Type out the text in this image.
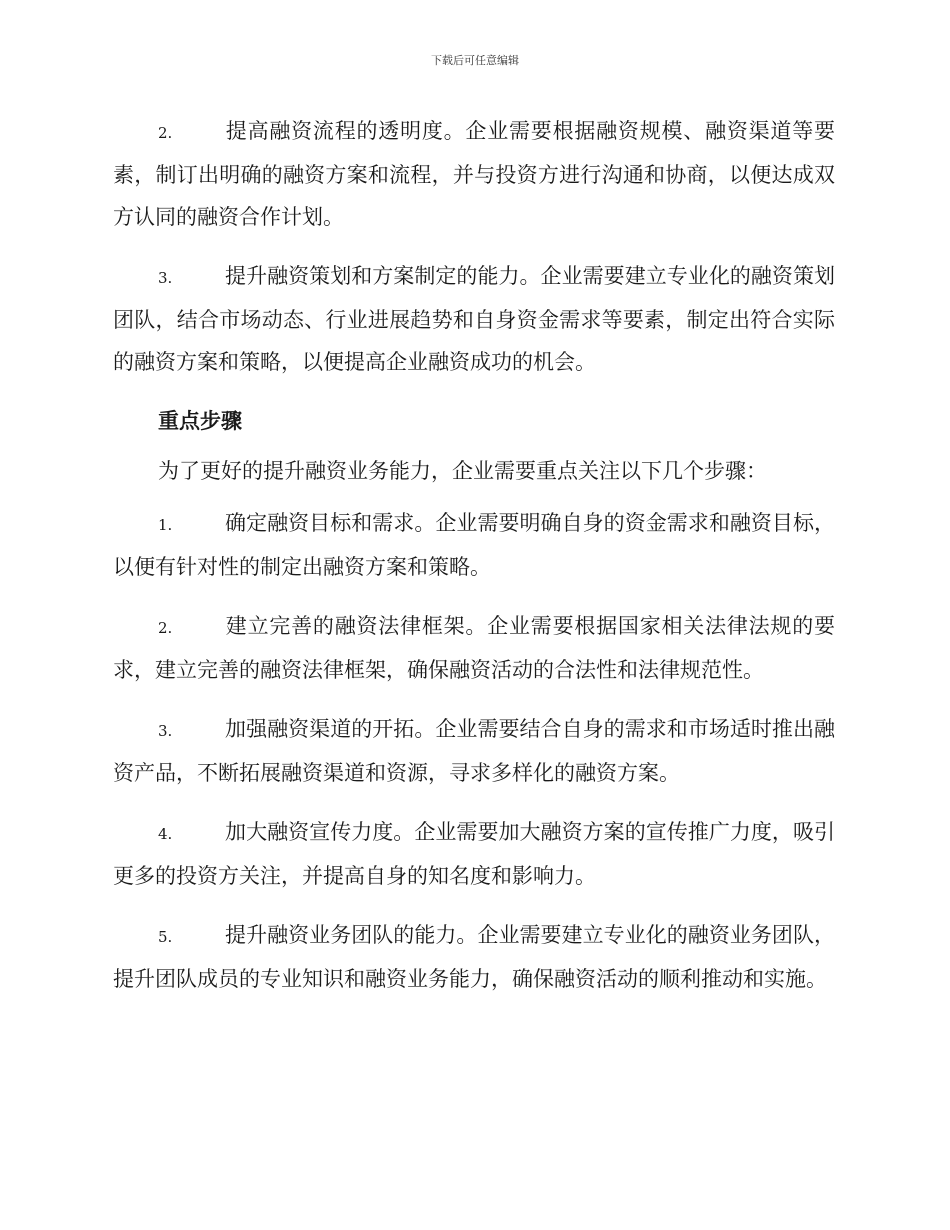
下载后可任意编辑

2.	提高融资流程的透明度。企业需要根据融资规模、融资渠道等要素，制订出明确的融资方案和流程，并与投资方进行沟通和协商，以便达成双方认同的融资合作计划。

3.	提升融资策划和方案制定的能力。企业需要建立专业化的融资策划团队，结合市场动态、行业进展趋势和自身资金需求等要素，制定出符合实际的融资方案和策略，以便提高企业融资成功的机会。

重点步骤

为了更好的提升融资业务能力，企业需要重点关注以下几个步骤：

1.	确定融资目标和需求。企业需要明确自身的资金需求和融资目标，以便有针对性的制定出融资方案和策略。

2.	建立完善的融资法律框架。企业需要根据国家相关法律法规的要求，建立完善的融资法律框架，确保融资活动的合法性和法律规范性。

3.	加强融资渠道的开拓。企业需要结合自身的需求和市场适时推出融资产品，不断拓展融资渠道和资源，寻求多样化的融资方案。

4.	加大融资宣传力度。企业需要加大融资方案的宣传推广力度，吸引更多的投资方关注，并提高自身的知名度和影响力。

5.	提升融资业务团队的能力。企业需要建立专业化的融资业务团队，提升团队成员的专业知识和融资业务能力，确保融资活动的顺利推动和实施。
